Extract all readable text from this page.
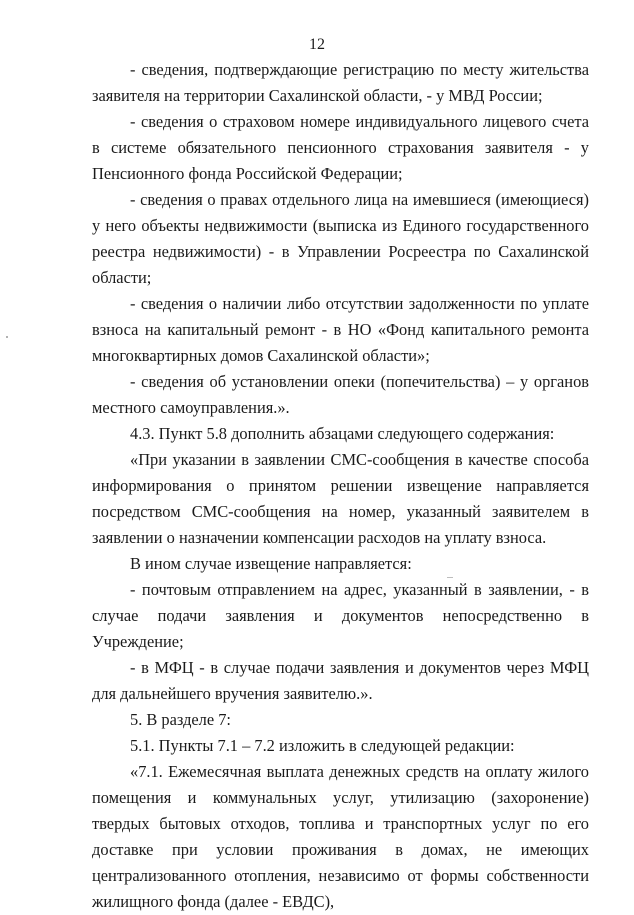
12

- сведения, подтверждающие регистрацию по месту жительства заявителя на территории Сахалинской области, - у МВД России;

- сведения о страховом номере индивидуального лицевого счета в системе обязательного пенсионного страхования заявителя - у Пенсионного фонда Российской Федерации;

- сведения о правах отдельного лица на имевшиеся (имеющиеся) у него объекты недвижимости (выписка из Единого государственного реестра недвижимости) - в Управлении Росреестра по Сахалинской области;

- сведения о наличии либо отсутствии задолженности по уплате взноса на капитальный ремонт - в НО «Фонд капитального ремонта многоквартирных домов Сахалинской области»;

- сведения об установлении опеки (попечительства) – у органов местного самоуправления.».

4.3. Пункт 5.8 дополнить абзацами следующего содержания:

«При указании в заявлении СМС-сообщения в качестве способа информирования о принятом решении извещение направляется посредством СМС-сообщения на номер, указанный заявителем в заявлении о назначении компенсации расходов на уплату взноса.

В ином случае извещение направляется:

- почтовым отправлением на адрес, указанный в заявлении, - в случае подачи заявления и документов непосредственно в Учреждение;

- в МФЦ - в случае подачи заявления и документов через МФЦ для дальнейшего вручения заявителю.».

5. В разделе 7:

5.1. Пункты 7.1 – 7.2 изложить в следующей редакции:

«7.1. Ежемесячная выплата денежных средств на оплату жилого помещения и коммунальных услуг, утилизацию (захоронение) твердых бытовых отходов, топлива и транспортных услуг по его доставке при условии проживания в домах, не имеющих централизованного отопления, независимо от формы собственности жилищного фонда (далее - ЕВДС),
